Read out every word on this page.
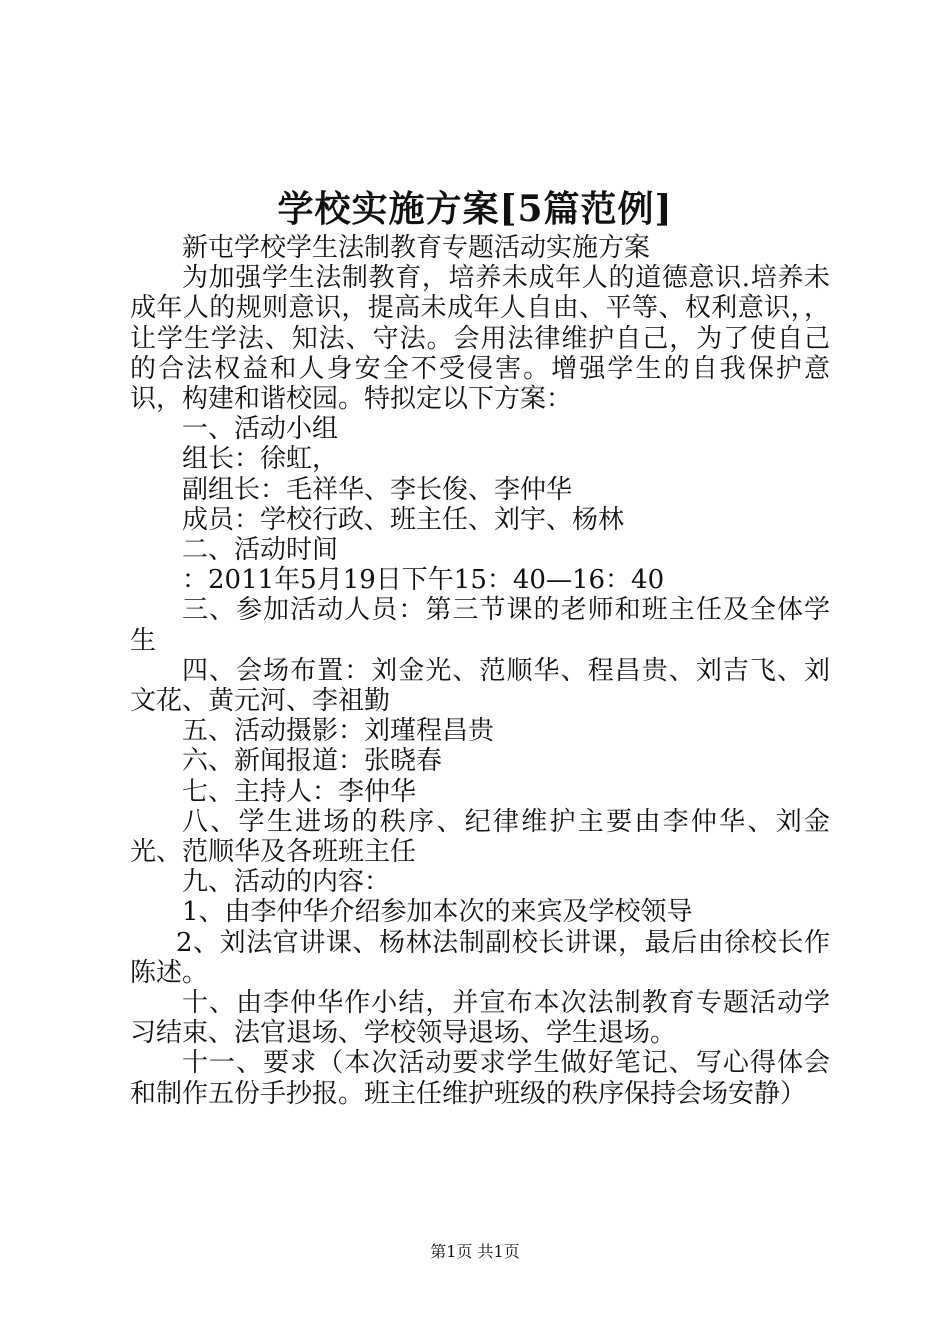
学校实施方案[5篇范例]

新屯学校学生法制教育专题活动实施方案

为加强学生法制教育，培养未成年人的道德意识.培养未成年人的规则意识，提高未成年人自由、平等、权利意识，，让学生学法、知法、守法。会用法律维护自己，为了使自己的合法权益和人身安全不受侵害。增强学生的自我保护意识，构建和谐校园。特拟定以下方案：

一、活动小组

组长：徐虹，

副组长：毛祥华、李长俊、李仲华

成员：学校行政、班主任、刘宇、杨林

二、活动时间

：2011年5月19日下午15：40—16：40

三、参加活动人员：第三节课的老师和班主任及全体学生

四、会场布置：刘金光、范顺华、程昌贵、刘吉飞、刘文花、黄元河、李祖勤

五、活动摄影：刘瑾程昌贵

六、新闻报道：张晓春

七、主持人：李仲华

八、学生进场的秩序、纪律维护主要由李仲华、刘金光、范顺华及各班班主任

九、活动的内容：

1、由李仲华介绍参加本次的来宾及学校领导

2、刘法官讲课、杨林法制副校长讲课，最后由徐校长作陈述。

十、由李仲华作小结，并宣布本次法制教育专题活动学习结束、法官退场、学校领导退场、学生退场。

十一、要求（本次活动要求学生做好笔记、写心得体会和制作五份手抄报。班主任维护班级的秩序保持会场安静）

第1页 共1页
